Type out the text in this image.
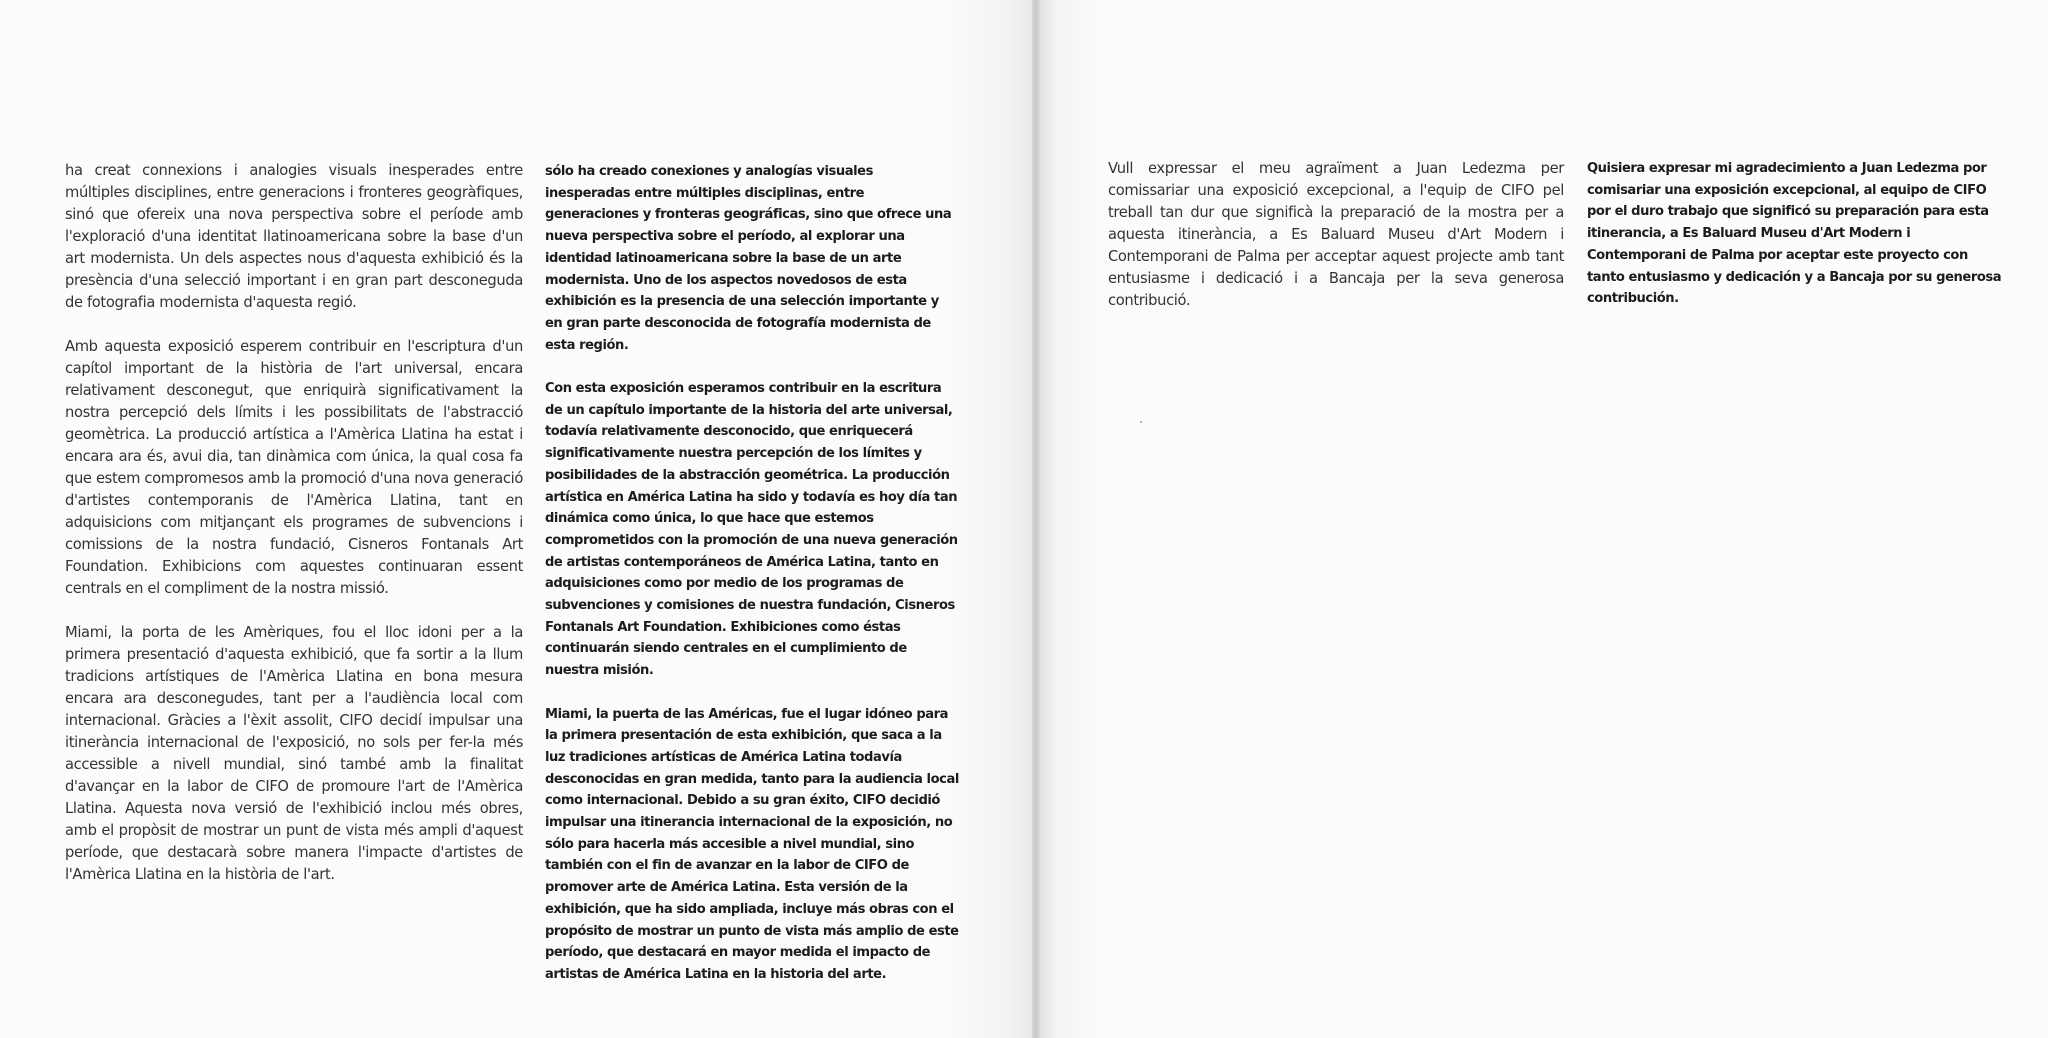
ha creat connexions i analogies visuals inesperades entre múltiples disciplines, entre generacions i fronteres geogràfiques, sinó que ofereix una nova perspectiva sobre el període amb l'exploració d'una identitat llatinoamericana sobre la base d'un art modernista. Un dels aspectes nous d'aquesta exhibició és la presència d'una selecció important i en gran part desconeguda de fotografia modernista d'aquesta regió.

Amb aquesta exposició esperem contribuir en l'escriptura d'un capítol important de la història de l'art universal, encara relativament desconegut, que enriquirà significativament la nostra percepció dels límits i les possibilitats de l'abstracció geomètrica. La producció artística a l'Amèrica Llatina ha estat i encara ara és, avui dia, tan dinàmica com única, la qual cosa fa que estem compromesos amb la promoció d'una nova generació d'artistes contemporanis de l'Amèrica Llatina, tant en adquisicions com mitjançant els programes de subvencions i comissions de la nostra fundació, Cisneros Fontanals Art Foundation. Exhibicions com aquestes continuaran essent centrals en el compliment de la nostra missió.

Miami, la porta de les Amèriques, fou el lloc idoni per a la primera presentació d'aquesta exhibició, que fa sortir a la llum tradicions artístiques de l'Amèrica Llatina en bona mesura encara ara desconegudes, tant per a l'audiència local com internacional. Gràcies a l'èxit assolit, CIFO decidí impulsar una itinerància internacional de l'exposició, no sols per fer-la més accessible a nivell mundial, sinó també amb la finalitat d'avançar en la labor de CIFO de promoure l'art de l'Amèrica Llatina. Aquesta nova versió de l'exhibició inclou més obres, amb el propòsit de mostrar un punt de vista més ampli d'aquest període, que destacarà sobre manera l'impacte d'artistes de l'Amèrica Llatina en la història de l'art.

sólo ha creado conexiones y analogías visuales inesperadas entre múltiples disciplinas, entre generaciones y fronteras geográficas, sino que ofrece una nueva perspectiva sobre el período, al explorar una identidad latinoamericana sobre la base de un arte modernista. Uno de los aspectos novedosos de esta exhibición es la presencia de una selección importante y en gran parte desconocida de fotografía modernista de esta región.

Con esta exposición esperamos contribuir en la escritura de un capítulo importante de la historia del arte universal, todavía relativamente desconocido, que enriquecerá significativamente nuestra percepción de los límites y posibilidades de la abstracción geométrica. La producción artística en América Latina ha sido y todavía es hoy día tan dinámica como única, lo que hace que estemos comprometidos con la promoción de una nueva generación de artistas contemporáneos de América Latina, tanto en adquisiciones como por medio de los programas de subvenciones y comisiones de nuestra fundación, Cisneros Fontanals Art Foundation. Exhibiciones como éstas continuarán siendo centrales en el cumplimiento de nuestra misión.

Miami, la puerta de las Américas, fue el lugar idóneo para la primera presentación de esta exhibición, que saca a la luz tradiciones artísticas de América Latina todavía desconocidas en gran medida, tanto para la audiencia local como internacional. Debido a su gran éxito, CIFO decidió impulsar una itinerancia internacional de la exposición, no sólo para hacerla más accesible a nivel mundial, sino también con el fin de avanzar en la labor de CIFO de promover arte de América Latina. Esta versión de la exhibición, que ha sido ampliada, incluye más obras con el propósito de mostrar un punto de vista más amplio de este período, que destacará en mayor medida el impacto de artistas de América Latina en la historia del arte.

Vull expressar el meu agraïment a Juan Ledezma per comissariar una exposició excepcional, a l'equip de CIFO pel treball tan dur que significà la preparació de la mostra per a aquesta itinerància, a Es Baluard Museu d'Art Modern i Contemporani de Palma per acceptar aquest projecte amb tant entusiasme i dedicació i a Bancaja per la seva generosa contribució.

Quisiera expresar mi agradecimiento a Juan Ledezma por comisariar una exposición excepcional, al equipo de CIFO por el duro trabajo que significó su preparación para esta itinerancia, a Es Baluard Museu d'Art Modern i Contemporani de Palma por aceptar este proyecto con tanto entusiasmo y dedicación y a Bancaja por su generosa contribución.
